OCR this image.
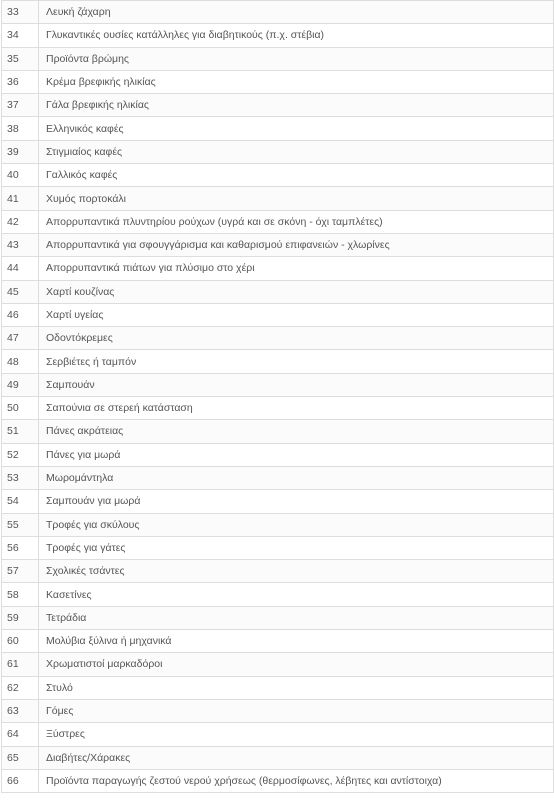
33	Λευκή ζάχαρη
34	Γλυκαντικές ουσίες κατάλληλες για διαβητικούς (π.χ. στέβια)
35	Προϊόντα βρώμης
36	Κρέμα βρεφικής ηλικίας
37	Γάλα βρεφικής ηλικίας
38	Ελληνικός καφές
39	Στιγμιαίος καφές
40	Γαλλικός καφές
41	Χυμός πορτοκάλι
42	Απορρυπαντικά πλυντηρίου ρούχων (υγρά και σε σκόνη - όχι ταμπλέτες)
43	Απορρυπαντικά για σφουγγάρισμα και καθαρισμού επιφανειών - χλωρίνες
44	Απορρυπαντικά πιάτων για πλύσιμο στο χέρι
45	Χαρτί κουζίνας
46	Χαρτί υγείας
47	Οδοντόκρεμες
48	Σερβιέτες ή ταμπόν
49	Σαμπουάν
50	Σαπούνια σε στερεή κατάσταση
51	Πάνες ακράτειας
52	Πάνες για μωρά
53	Μωρομάντηλα
54	Σαμπουάν για μωρά
55	Τροφές για σκύλους
56	Τροφές για γάτες
57	Σχολικές τσάντες
58	Κασετίνες
59	Τετράδια
60	Μολύβια ξύλινα ή μηχανικά
61	Χρωματιστοί μαρκαδόροι
62	Στυλό
63	Γόμες
64	Ξύστρες
65	Διαβήτες/Χάρακες
66	Προϊόντα παραγωγής ζεστού νερού χρήσεως (θερμοσίφωνες, λέβητες και αντίστοιχα)
